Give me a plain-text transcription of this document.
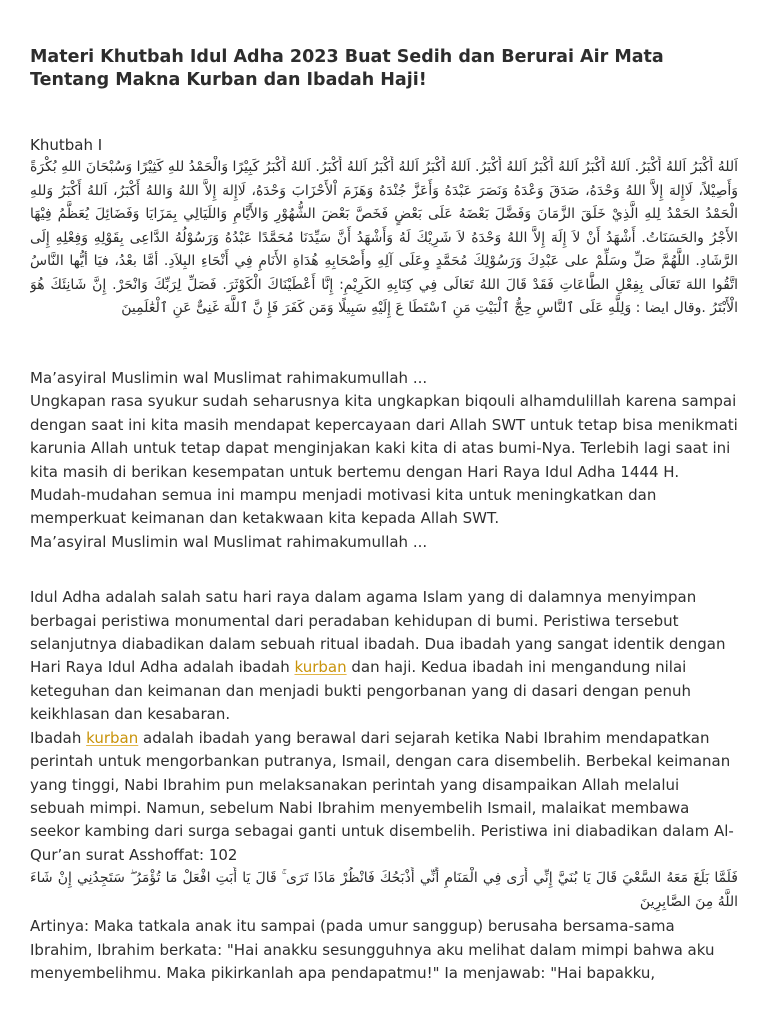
Materi Khutbah Idul Adha 2023 Buat Sedih dan Berurai Air Mata Tentang Makna Kurban dan Ibadah Haji!
Khutbah I

اَللهُ أَكْبَرُ اَللهُ أَكْبَرُ. اَللهُ أَكْبَرُ اَللهُ أَكْبَرُ اَللهُ أَكْبَرُ. اَللهُ أَكْبَرُ اَللهُ أَكْبَرُ اَللهُ أَكْبَرُ. اَللهُ أَكْبَرُ كَبِيْرًا وَالْحَمْدُ للهِ كَثِيْرًا وَسُبْحَانَ اللهِ بُكْرَةً وَأَصِيْلاً، لَاإِلهَ إِلاَّ اللهُ وَحْدَهُ، صَدَقَ وَعْدَهُ وَنَصَرَ عَبْدَهُ وَأَعَزَّ جُنْدَهُ وَهَزَمَ اْلأَحْزَابَ وَحْدَهُ، لَاإِلهَ إِلاَّ اللهُ وَاللهُ أَكْبَرُ، اَللهُ أَكْبَرُ وَللهِ الْحَمْدُ الحَمْدُ لِلهِ الَّذِيْ خَلَقَ الزَّمَانَ وَفَضَّلَ بَعْضَهُ عَلَى بَعْضٍ فَخَصَّ بَعْضَ الشُّهُوْرِ وَالأَيَّامِ وَاللَيَالِي بِمَزَايَا وَفَضَائِلَ يُعَظَّمُ فِيْهَا الأَجْرُ والحَسَنَاتُ. أَشْهَدُ أَنْ لاَ إِلَهَ إِلاَّ اللهُ وَحْدَهُ لاَ شَرِيْكَ لَهُ وَأَشْهَدُ أَنَّ سَيِّدَنَا مُحَمَّدًا عَبْدُهُ وَرَسُوْلُهُ الدَّاعِى بِقَوْلِهِ وَفِعْلِهِ إِلَى الرَّشَادِ. اللَّهُمَّ صَلِّ وسَلِّمْ على عَبْدِكَ وَرَسُوْلِكَ مُحَمَّدٍ وِعَلَى آلِهِ وأَصْحَابِهِ هُدَاةِ الأَنَامِ فِي أَنْحَاءِ البِلاَدِ. أمَّا بعْدُ، فيَا أيُّها النَّاسُ اتَّقُوا اللهَ تَعَالَى بِفِعْلِ الطَّاعَاتِ فَقَدْ قَالَ اللهُ تَعَالَى فِي كِتَابِهِ الكَرِيْمِ: إِنَّا أَعْطَيْنَاكَ الْكَوْثَرَ. فَصَلِّ لِرَبِّكَ وَانْحَرْ. إِنَّ شَانِئَكَ هُوَ الْأَبْتَرُ .وقال ايضا : وَلِلَّهِ عَلَى ٱلنَّاسِ حِجُّ ٱلْبَيْتِ مَنِ ٱسْتَطَا عَ إِلَيْهِ سَبِيلًا وَمَن كَفَرَ فَإِ نَّ ٱللَّهَ غَنِىٌّ عَنِ ٱلْعَٰلَمِينَ

Ma’asyiral Muslimin wal Muslimat rahimakumullah ...

Ungkapan rasa syukur sudah seharusnya kita ungkapkan biqouli alhamdulillah karena sampai dengan saat ini kita masih mendapat kepercayaan dari Allah SWT untuk tetap bisa menikmati karunia Allah untuk tetap dapat menginjakan kaki kita di atas bumi-Nya. Terlebih lagi saat ini kita masih di berikan kesempatan untuk bertemu dengan Hari Raya Idul Adha 1444 H. Mudah-mudahan semua ini mampu menjadi motivasi kita untuk meningkatkan dan memperkuat keimanan dan ketakwaan kita kepada Allah SWT.

Ma’asyiral Muslimin wal Muslimat rahimakumullah ...

Idul Adha adalah salah satu hari raya dalam agama Islam yang di dalamnya menyimpan berbagai peristiwa monumental dari peradaban kehidupan di bumi. Peristiwa tersebut selanjutnya diabadikan dalam sebuah ritual ibadah. Dua ibadah yang sangat identik dengan Hari Raya Idul Adha adalah ibadah kurban dan haji. Kedua ibadah ini mengandung nilai keteguhan dan keimanan dan menjadi bukti pengorbanan yang di dasari dengan penuh keikhlasan dan kesabaran.

Ibadah kurban adalah ibadah yang berawal dari sejarah ketika Nabi Ibrahim mendapatkan perintah untuk mengorbankan putranya, Ismail, dengan cara disembelih. Berbekal keimanan yang tinggi, Nabi Ibrahim pun melaksanakan perintah yang disampaikan Allah melalui sebuah mimpi. Namun, sebelum Nabi Ibrahim menyembelih Ismail, malaikat membawa seekor kambing dari surga sebagai ganti untuk disembelih. Peristiwa ini diabadikan dalam Al-Qur’an surat Asshoffat: 102

فَلَمَّا بَلَغَ مَعَهُ السَّعْيَ قَالَ يَا بُنَيَّ إِنِّي أَرَى فِي الْمَنَامِ أَنِّي أَذْبَحُكَ فَانْظُرْ مَاذَا تَرَى ۚ قَالَ يَا أَبَتِ افْعَلْ مَا تُؤْمَرُ ۖ سَتَجِدُنِي إِنْ شَاءَ اللَّهُ مِنَ الصَّابِرِينَ

Artinya: Maka tatkala anak itu sampai (pada umur sanggup) berusaha bersama-sama Ibrahim, Ibrahim berkata: "Hai anakku sesungguhnya aku melihat dalam mimpi bahwa aku menyembelihmu. Maka pikirkanlah apa pendapatmu!" Ia menjawab: "Hai bapakku,
